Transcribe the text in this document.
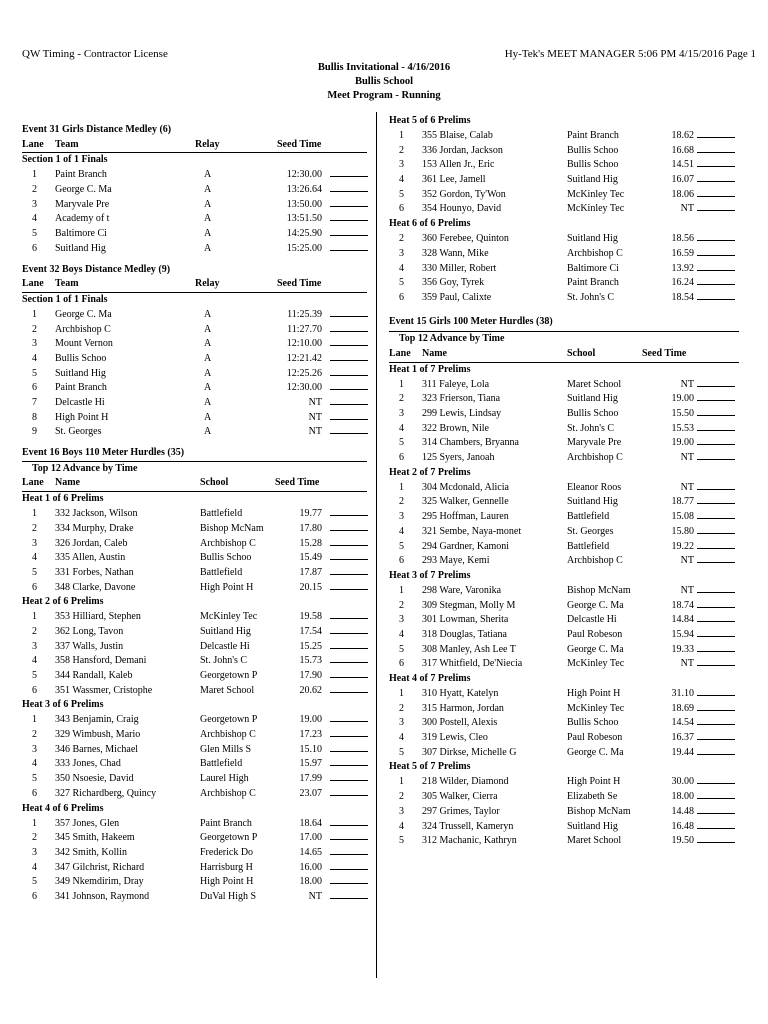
QW Timing - Contractor License	Hy-Tek's MEET MANAGER 5:06 PM 4/15/2016 Page 1
Bullis Invitational - 4/16/2016
Bullis School
Meet Program - Running
Event 31 Girls Distance Medley (6)
Lane Team	Relay	Seed Time
Section 1 of 1 Finals
1 Paint Branch	A	12:30.00
2 George C. Ma	A	13:26.64
3 Maryvale Pre	A	13:50.00
4 Academy of t	A	13:51.50
5 Baltimore Ci	A	14:25.90
6 Suitland Hig	A	15:25.00
Event 32 Boys Distance Medley (9)
Lane Team	Relay	Seed Time
Section 1 of 1 Finals
1 George C. Ma	A	11:25.39
2 Archbishop C	A	11:27.70
3 Mount Vernon	A	12:10.00
4 Bullis Schoo	A	12:21.42
5 Suitland Hig	A	12:25.26
6 Paint Branch	A	12:30.00
7 Delcastle Hi	A	NT
8 High Point H	A	NT
9 St. Georges	A	NT
Event 16 Boys 110 Meter Hurdles (35)
Top 12 Advance by Time
Lane Name	School	Seed Time
Heat 1 of 6 Prelims
1 332 Jackson, Wilson	Battlefield	19.77
2 334 Murphy, Drake	Bishop McNam	17.80
3 326 Jordan, Caleb	Archbishop C	15.28
4 335 Allen, Austin	Bullis Schoo	15.49
5 331 Forbes, Nathan	Battlefield	17.87
6 348 Clarke, Davone	High Point H	20.15
Heat 2 of 6 Prelims
1 353 Hilliard, Stephen	McKinley Tec	19.58
2 362 Long, Tavon	Suitland Hig	17.54
3 337 Walls, Justin	Delcastle Hi	15.25
4 358 Hansford, Demani	St. John's C	15.73
5 344 Randall, Kaleb	Georgetown P	17.90
6 351 Wassmer, Cristophe	Maret School	20.62
Heat 3 of 6 Prelims
1 343 Benjamin, Craig	Georgetown P	19.00
2 329 Wimbush, Mario	Archbishop C	17.23
3 346 Barnes, Michael	Glen Mills S	15.10
4 333 Jones, Chad	Battlefield	15.97
5 350 Nsoesie, David	Laurel High	17.99
6 327 Richardberg, Quincy	Archbishop C	23.07
Heat 4 of 6 Prelims
1 357 Jones, Glen	Paint Branch	18.64
2 345 Smith, Hakeem	Georgetown P	17.00
3 342 Smith, Kollin	Frederick Do	14.65
4 347 Gilchrist, Richard	Harrisburg H	16.00
5 349 Nkemdirim, Dray	High Point H	18.00
6 341 Johnson, Raymond	DuVal High S	NT
Heat 5 of 6 Prelims
1 355 Blaise, Calab	Paint Branch	18.62
2 336 Jordan, Jackson	Bullis Schoo	16.68
3 153 Allen Jr., Eric	Bullis Schoo	14.51
4 361 Lee, Jamell	Suitland Hig	16.07
5 352 Gordon, Ty'Won	McKinley Tec	18.06
6 354 Hounyo, David	McKinley Tec	NT
Heat 6 of 6 Prelims
2 360 Ferebee, Quinton	Suitland Hig	18.56
3 328 Wann, Mike	Archbishop C	16.59
4 330 Miller, Robert	Baltimore Ci	13.92
5 356 Goy, Tyrek	Paint Branch	16.24
6 359 Paul, Calixte	St. John's C	18.54
Event 15 Girls 100 Meter Hurdles (38)
Top 12 Advance by Time
Lane Name	School	Seed Time
Heat 1 of 7 Prelims
1 311 Faleye, Lola	Maret School	NT
2 323 Frierson, Tiana	Suitland Hig	19.00
3 299 Lewis, Lindsay	Bullis Schoo	15.50
4 322 Brown, Nile	St. John's C	15.53
5 314 Chambers, Bryanna	Maryvale Pre	19.00
6 125 Syers, Janoah	Archbishop C	NT
Heat 2 of 7 Prelims
1 304 Mcdonald, Alicia	Eleanor Roos	NT
2 325 Walker, Gennelle	Suitland Hig	18.77
3 295 Hoffman, Lauren	Battlefield	15.08
4 321 Sembe, Naya-monet	St. Georges	15.80
5 294 Gardner, Kamoni	Battlefield	19.22
6 293 Maye, Kemi	Archbishop C	NT
Heat 3 of 7 Prelims
1 298 Ware, Varonika	Bishop McNam	NT
2 309 Stegman, Molly M	George C. Ma	18.74
3 301 Lowman, Sherita	Delcastle Hi	14.84
4 318 Douglas, Tatiana	Paul Robeson	15.94
5 308 Manley, Ash Lee T	George C. Ma	19.33
6 317 Whitfield, De'Niecia	McKinley Tec	NT
Heat 4 of 7 Prelims
1 310 Hyatt, Katelyn	High Point H	31.10
2 315 Harmon, Jordan	McKinley Tec	18.69
3 300 Postell, Alexis	Bullis Schoo	14.54
4 319 Lewis, Cleo	Paul Robeson	16.37
5 307 Dirkse, Michelle G	George C. Ma	19.44
Heat 5 of 7 Prelims
1 218 Wilder, Diamond	High Point H	30.00
2 305 Walker, Cierra	Elizabeth Se	18.00
3 297 Grimes, Taylor	Bishop McNam	14.48
4 324 Trussell, Kameryn	Suitland Hig	16.48
5 312 Machanic, Kathryn	Maret School	19.50
